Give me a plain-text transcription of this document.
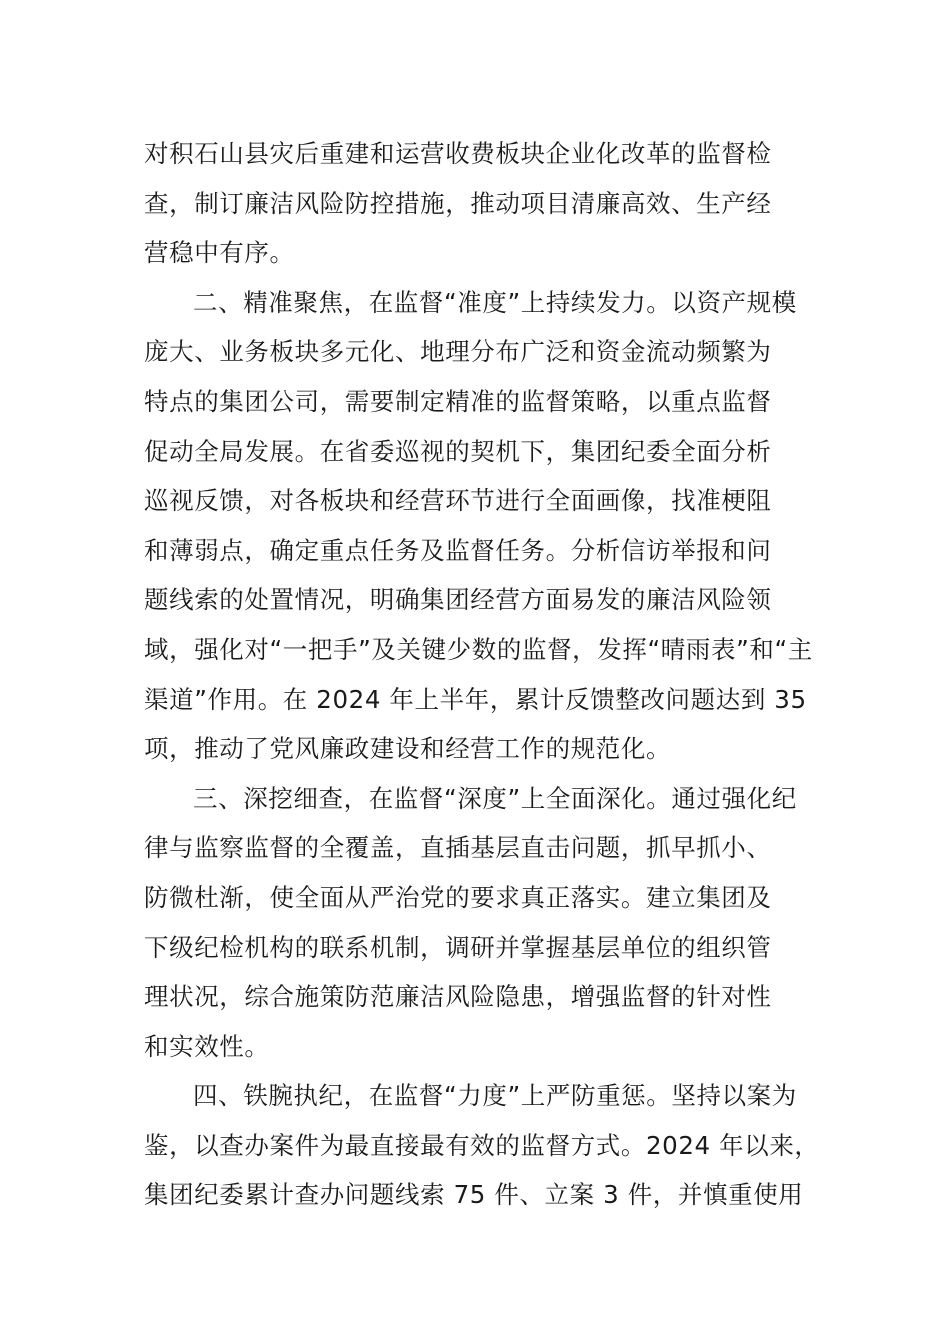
对积石山县灾后重建和运营收费板块企业化改革的监督检
查，制订廉洁风险防控措施，推动项目清廉高效、生产经
营稳中有序。
二、精准聚焦，在监督“准度”上持续发力。以资产规模
庞大、业务板块多元化、地理分布广泛和资金流动频繁为
特点的集团公司，需要制定精准的监督策略，以重点监督
促动全局发展。在省委巡视的契机下，集团纪委全面分析
巡视反馈，对各板块和经营环节进行全面画像，找准梗阻
和薄弱点，确定重点任务及监督任务。分析信访举报和问
题线索的处置情况，明确集团经营方面易发的廉洁风险领
域，强化对“一把手”及关键少数的监督，发挥“晴雨表”和“主
渠道”作用。在 2024 年上半年，累计反馈整改问题达到 35
项，推动了党风廉政建设和经营工作的规范化。
三、深挖细查，在监督“深度”上全面深化。通过强化纪
律与监察监督的全覆盖，直插基层直击问题，抓早抓小、
防微杜渐，使全面从严治党的要求真正落实。建立集团及
下级纪检机构的联系机制，调研并掌握基层单位的组织管
理状况，综合施策防范廉洁风险隐患，增强监督的针对性
和实效性。
四、铁腕执纪，在监督“力度”上严防重惩。坚持以案为
鉴，以查办案件为最直接最有效的监督方式。2024 年以来，
集团纪委累计查办问题线索 75 件、立案 3 件，并慎重使用
